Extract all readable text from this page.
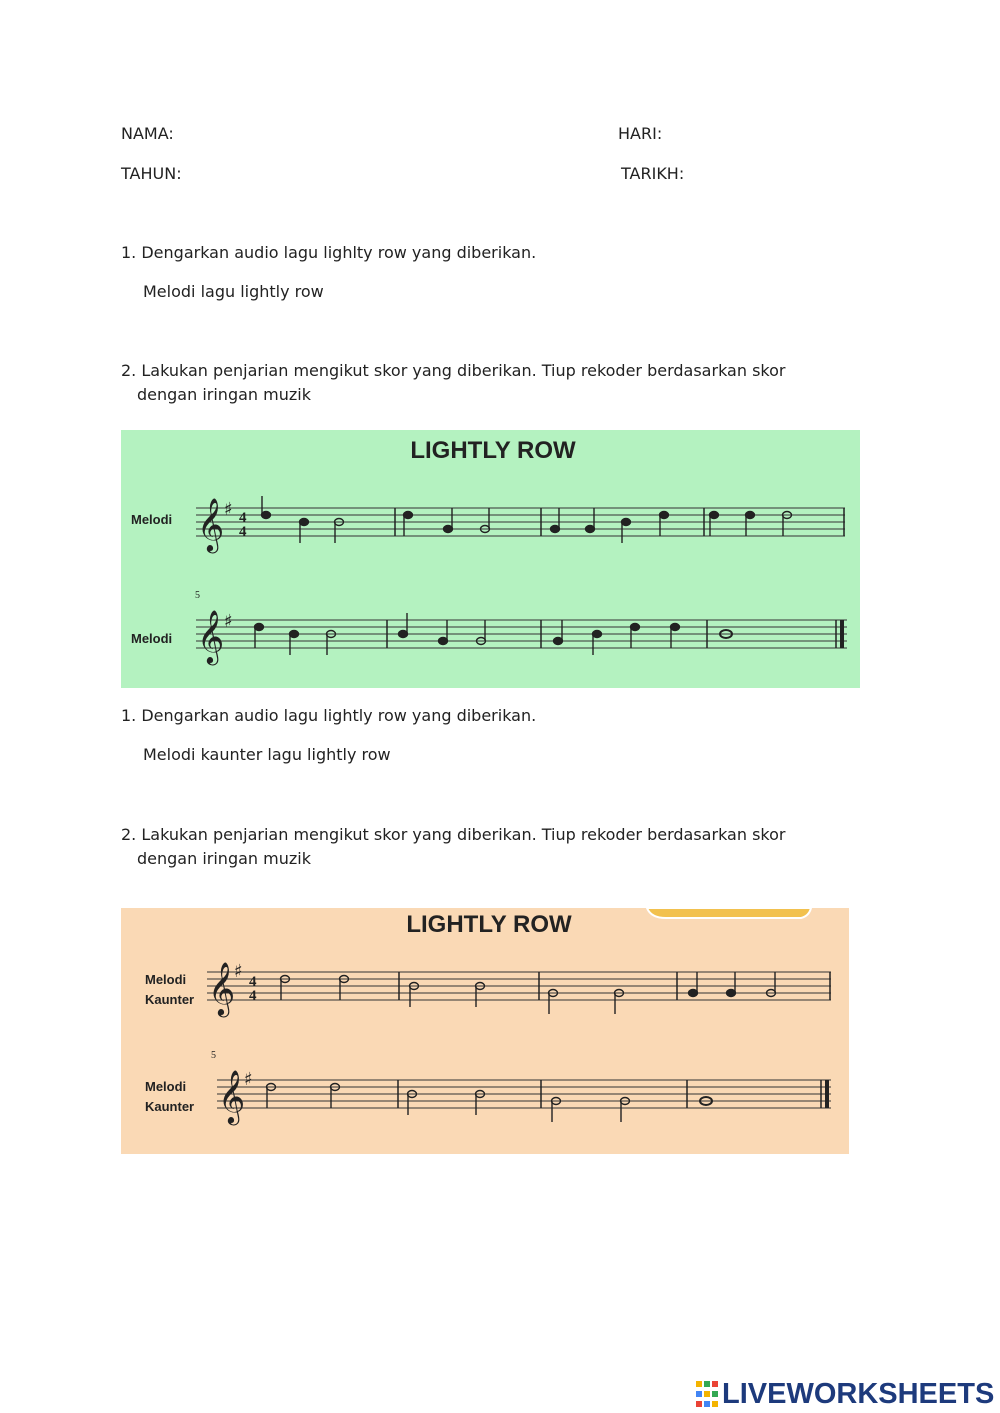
NAMA:	HARI:
TAHUN:	TARIKH:
1. Dengarkan audio lagu lighlty row yang diberikan.
Melodi lagu lightly row
2. Lakukan penjarian mengikut skor yang diberikan. Tiup rekoder berdasarkan skor
dengan iringan muzik
LIGHTLY ROW
Melodi 𝄞 ♯ 4
4
5
Melodi 𝄞 ♯
1. Dengarkan audio lagu lightly row yang diberikan.
Melodi kaunter lagu lightly row
2. Lakukan penjarian mengikut skor yang diberikan. Tiup rekoder berdasarkan skor
dengan iringan muzik
LIGHTLY ROW
Melodi
Kaunter 𝄞
♯ 4
4
5
Melodi
Kaunter 𝄞
♯
LIVEWORKSHEETS
